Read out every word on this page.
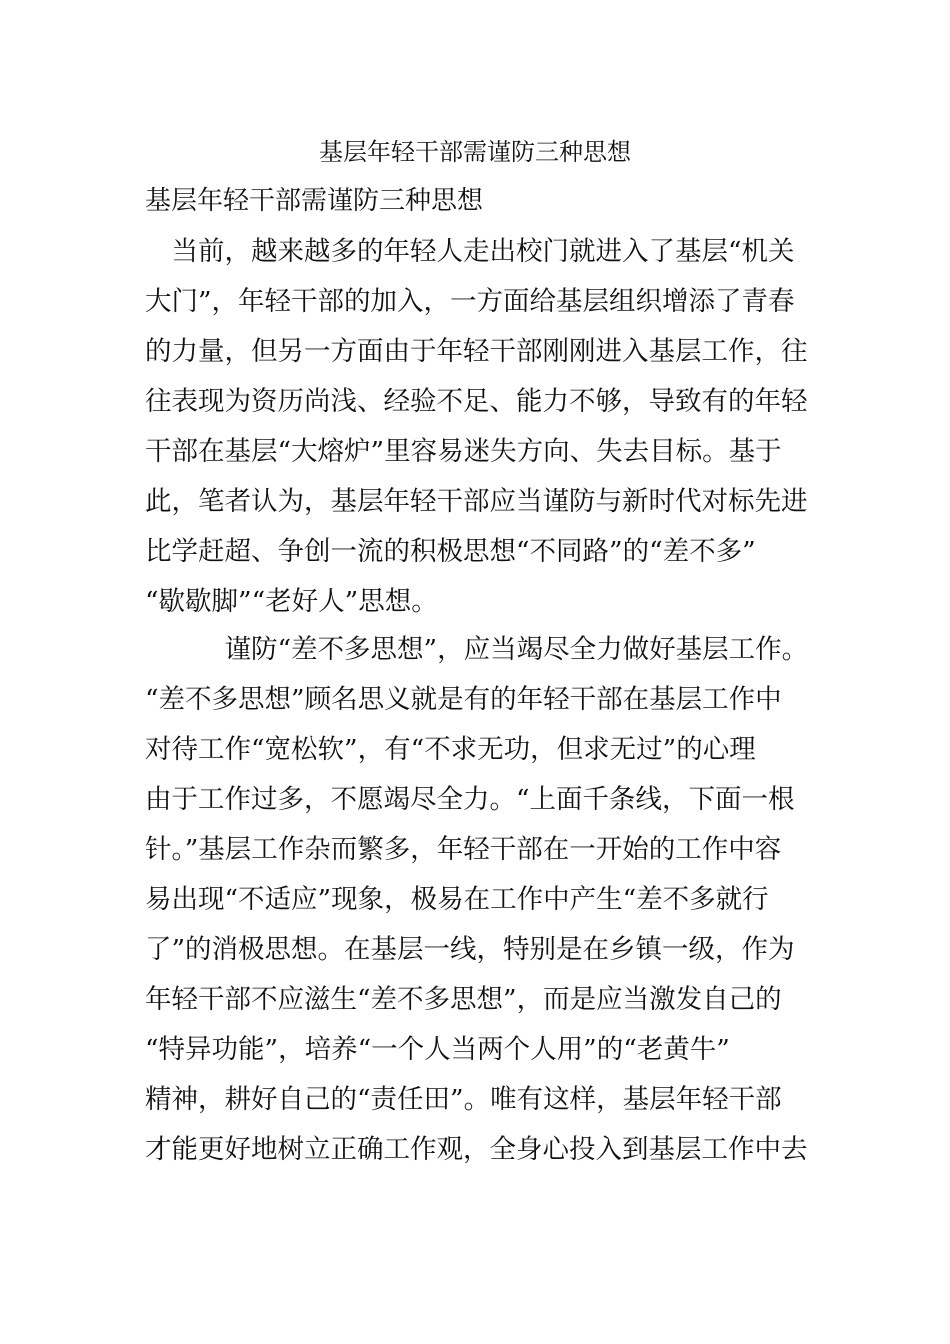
基层年轻干部需谨防三种思想

基层年轻干部需谨防三种思想

　当前，越来越多的年轻人走出校门就进入了基层“机关

大门”，年轻干部的加入，一方面给基层组织增添了青春

的力量，但另一方面由于年轻干部刚刚进入基层工作，往

往表现为资历尚浅、经验不足、能力不够，导致有的年轻

干部在基层“大熔炉”里容易迷失方向、失去目标。基于

此，笔者认为，基层年轻干部应当谨防与新时代对标先进

比学赶超、争创一流的积极思想“不同路”的“差不多”

“歇歇脚”“老好人”思想。

　　　谨防“差不多思想”，应当竭尽全力做好基层工作。

“差不多思想”顾名思义就是有的年轻干部在基层工作中

对待工作“宽松软”，有“不求无功，但求无过”的心理

由于工作过多，不愿竭尽全力。“上面千条线，下面一根

针。”基层工作杂而繁多，年轻干部在一开始的工作中容

易出现“不适应”现象，极易在工作中产生“差不多就行

了”的消极思想。在基层一线，特别是在乡镇一级，作为

年轻干部不应滋生“差不多思想”，而是应当激发自己的

“特异功能”，培养“一个人当两个人用”的“老黄牛”

精神，耕好自己的“责任田”。唯有这样，基层年轻干部

才能更好地树立正确工作观，全身心投入到基层工作中去
